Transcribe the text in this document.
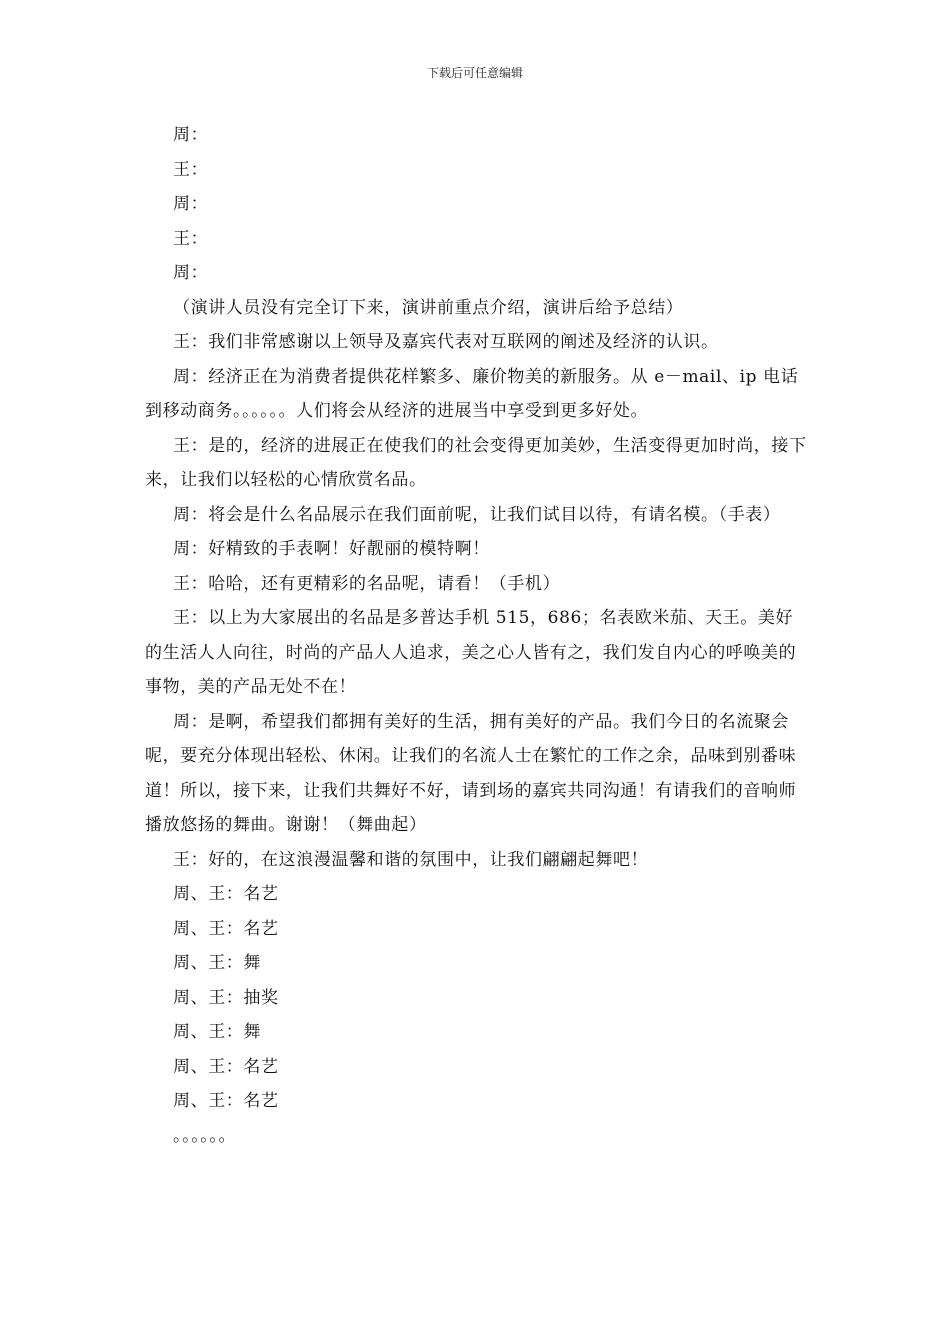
下载后可任意编辑

周：

王：

周：

王：

周：

（演讲人员没有完全订下来，演讲前重点介绍，演讲后给予总结）

王：我们非常感谢以上领导及嘉宾代表对互联网的阐述及经济的认识。

周：经济正在为消费者提供花样繁多、廉价物美的新服务。从 e－mail、ip 电话到移动商务。。。。。。人们将会从经济的进展当中享受到更多好处。

王：是的，经济的进展正在使我们的社会变得更加美妙，生活变得更加时尚，接下来，让我们以轻松的心情欣赏名品。

周：将会是什么名品展示在我们面前呢，让我们试目以待，有请名模。（手表）

周：好精致的手表啊！好靓丽的模特啊！

王：哈哈，还有更精彩的名品呢，请看！（手机）

王：以上为大家展出的名品是多普达手机 515，686；名表欧米茄、天王。美好的生活人人向往，时尚的产品人人追求，美之心人皆有之，我们发自内心的呼唤美的事物，美的产品无处不在！

周：是啊，希望我们都拥有美好的生活，拥有美好的产品。我们今日的名流聚会呢，要充分体现出轻松、休闲。让我们的名流人士在繁忙的工作之余，品味到别番味道！所以，接下来，让我们共舞好不好，请到场的嘉宾共同沟通！有请我们的音响师播放悠扬的舞曲。谢谢！（舞曲起）

王：好的，在这浪漫温馨和谐的氛围中，让我们翩翩起舞吧！

周、王：名艺

周、王：名艺

周、王：舞

周、王：抽奖

周、王：舞

周、王：名艺

周、王：名艺

。。。。。。
